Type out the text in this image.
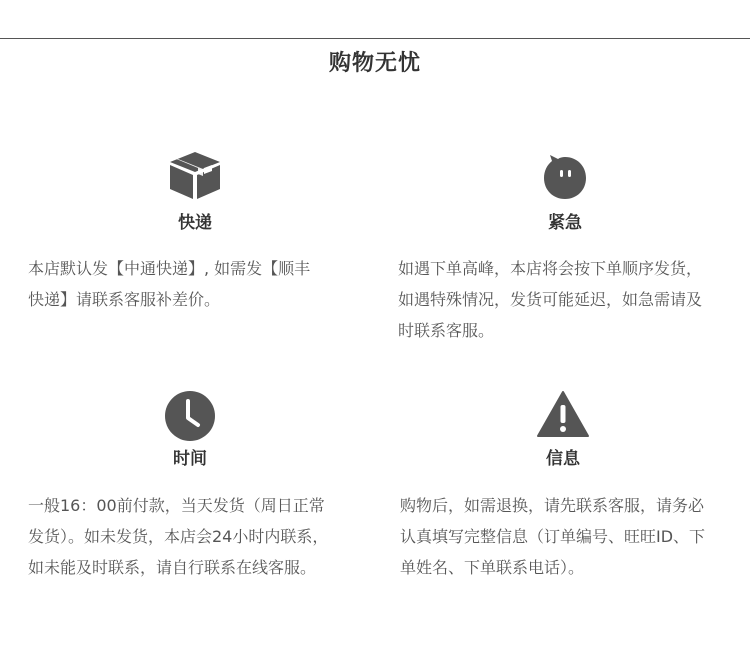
购物无忧
快递
本店默认发【中通快递】, 如需发【顺丰
快递】请联系客服补差价。
紧急
如遇下单高峰，本店将会按下单顺序发货，
如遇特殊情况，发货可能延迟，如急需请及
时联系客服。
时间
一般16：00前付款，当天发货（周日正常
发货）。如未发货，本店会24小时内联系，
如未能及时联系，请自行联系在线客服。
信息
购物后，如需退换，请先联系客服，请务必
认真填写完整信息（订单编号、旺旺ID、下
单姓名、下单联系电话）。
